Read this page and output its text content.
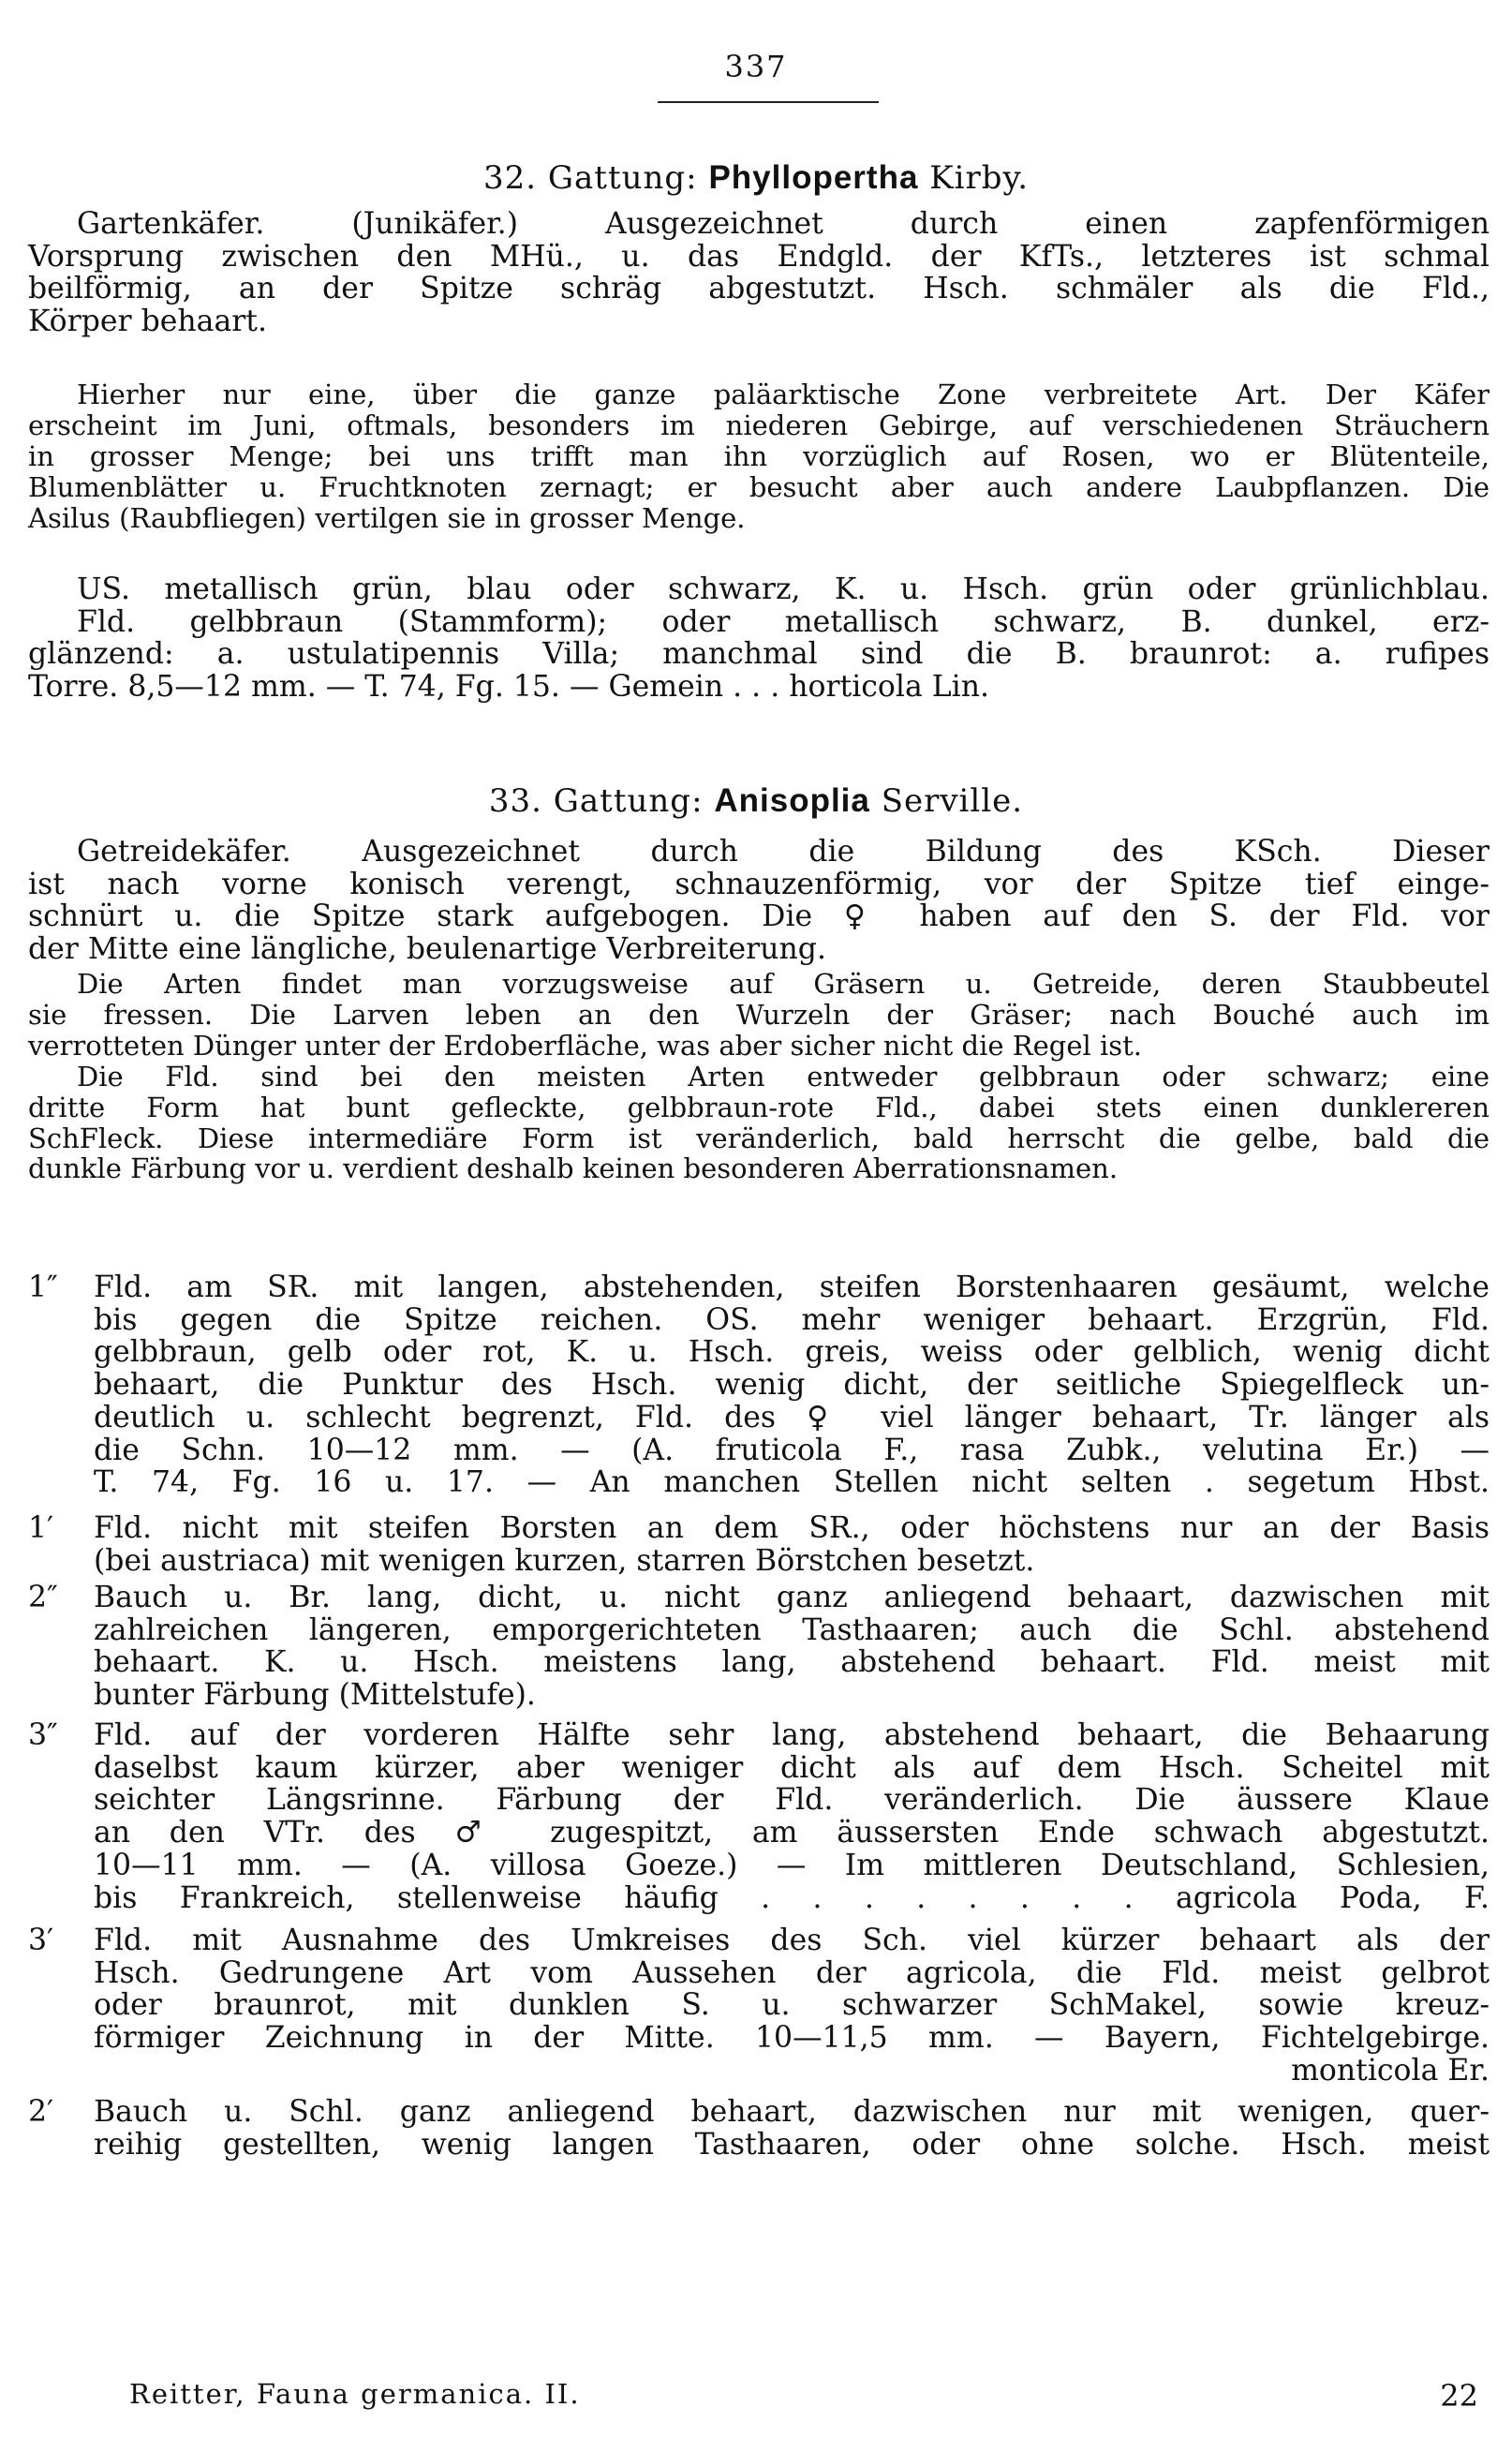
337
32. Gattung: Phyllopertha Kirby.

Gartenkäfer. (Junikäfer.) Ausgezeichnet durch einen zapfenförmigen

Vorsprung zwischen den MHü., u. das Endgld. der KfTs., letzteres ist schmal

beilförmig, an der Spitze schräg abgestutzt. Hsch. schmäler als die Fld.,

Körper behaart.

Hierher nur eine, über die ganze paläarktische Zone verbreitete Art. Der Käfer

erscheint im Juni, oftmals, besonders im niederen Gebirge, auf verschiedenen Sträuchern

in grosser Menge; bei uns trifft man ihn vorzüglich auf Rosen, wo er Blütenteile,

Blumenblätter u. Fruchtknoten zernagt; er besucht aber auch andere Laubpflanzen. Die

Asilus (Raubfliegen) vertilgen sie in grosser Menge.

US. metallisch grün, blau oder schwarz, K. u. Hsch. grün oder grünlichblau.

Fld. gelbbraun (Stammform); oder metallisch schwarz, B. dunkel, erz-

glänzend: a. ustulatipennis Villa; manchmal sind die B. braunrot: a. rufipes

Torre. 8,5—12 mm. — T. 74, Fg. 15. — Gemein . . . horticola Lin.

33. Gattung: Anisoplia Serville.

Getreidekäfer. Ausgezeichnet durch die Bildung des KSch. Dieser

ist nach vorne konisch verengt, schnauzenförmig, vor der Spitze tief einge-

schnürt u. die Spitze stark aufgebogen. Die ♀ haben auf den S. der Fld. vor

der Mitte eine längliche, beulenartige Verbreiterung.

Die Arten findet man vorzugsweise auf Gräsern u. Getreide, deren Staubbeutel

sie fressen. Die Larven leben an den Wurzeln der Gräser; nach Bouché auch im

verrotteten Dünger unter der Erdoberfläche, was aber sicher nicht die Regel ist.

Die Fld. sind bei den meisten Arten entweder gelbbraun oder schwarz; eine

dritte Form hat bunt gefleckte, gelbbraun-rote Fld., dabei stets einen dunklereren

SchFleck. Diese intermediäre Form ist veränderlich, bald herrscht die gelbe, bald die

dunkle Färbung vor u. verdient deshalb keinen besonderen Aberrationsnamen.

1″	Fld. am SR. mit langen, abstehenden, steifen Borstenhaaren gesäumt, welche

bis gegen die Spitze reichen. OS. mehr weniger behaart. Erzgrün, Fld.

gelbbraun, gelb oder rot, K. u. Hsch. greis, weiss oder gelblich, wenig dicht

behaart, die Punktur des Hsch. wenig dicht, der seitliche Spiegelfleck un-

deutlich u. schlecht begrenzt, Fld. des ♀ viel länger behaart, Tr. länger als

die Schn. 10—12 mm. — (A. fruticola F., rasa Zubk., velutina Er.) —

T. 74, Fg. 16 u. 17. — An manchen Stellen nicht selten . segetum Hbst.

1′	Fld. nicht mit steifen Borsten an dem SR., oder höchstens nur an der Basis

(bei austriaca) mit wenigen kurzen, starren Börstchen besetzt.

2″	Bauch u. Br. lang, dicht, u. nicht ganz anliegend behaart, dazwischen mit

zahlreichen längeren, emporgerichteten Tasthaaren; auch die Schl. abstehend

behaart. K. u. Hsch. meistens lang, abstehend behaart. Fld. meist mit

bunter Färbung (Mittelstufe).

3″	Fld. auf der vorderen Hälfte sehr lang, abstehend behaart, die Behaarung

daselbst kaum kürzer, aber weniger dicht als auf dem Hsch. Scheitel mit

seichter Längsrinne. Färbung der Fld. veränderlich. Die äussere Klaue

an den VTr. des ♂ zugespitzt, am äussersten Ende schwach abgestutzt.

10—11 mm. — (A. villosa Goeze.) — Im mittleren Deutschland, Schlesien,

bis Frankreich, stellenweise häufig . . . . . . . . agricola Poda, F.

3′	Fld. mit Ausnahme des Umkreises des Sch. viel kürzer behaart als der

Hsch. Gedrungene Art vom Aussehen der agricola, die Fld. meist gelbrot

oder braunrot, mit dunklen S. u. schwarzer SchMakel, sowie kreuz-

förmiger Zeichnung in der Mitte. 10—11,5 mm. — Bayern, Fichtelgebirge.

monticola Er.

2′	Bauch u. Schl. ganz anliegend behaart, dazwischen nur mit wenigen, quer-

reihig gestellten, wenig langen Tasthaaren, oder ohne solche. Hsch. meist

Reitter, Fauna germanica. II.	22
